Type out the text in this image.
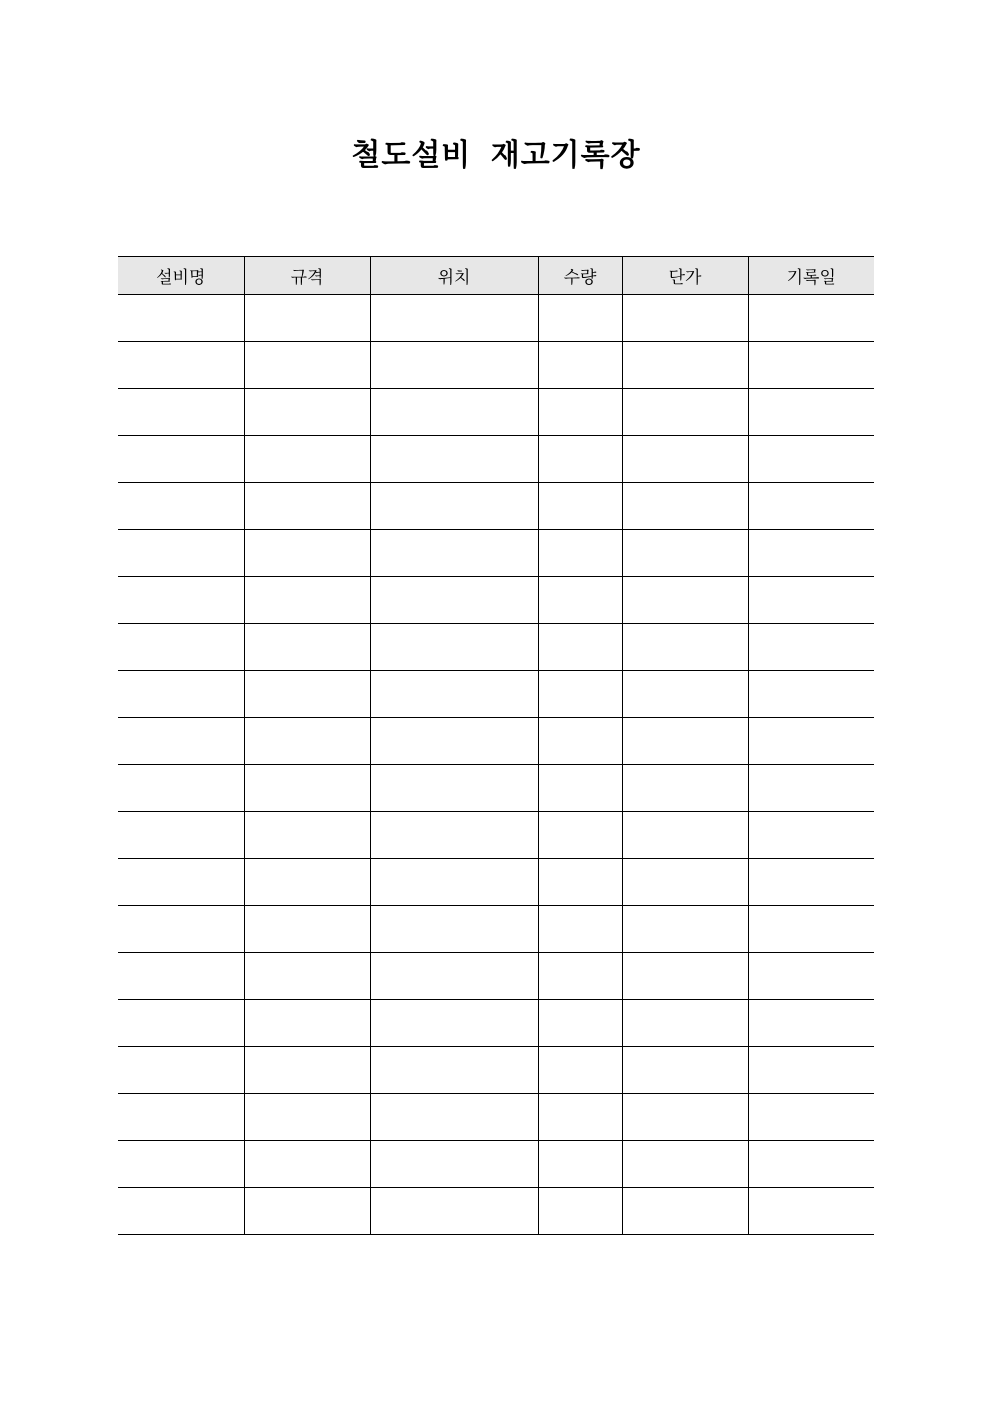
철도설비 재고기록장
설비명	규격	위치	수량	단가	기록일
